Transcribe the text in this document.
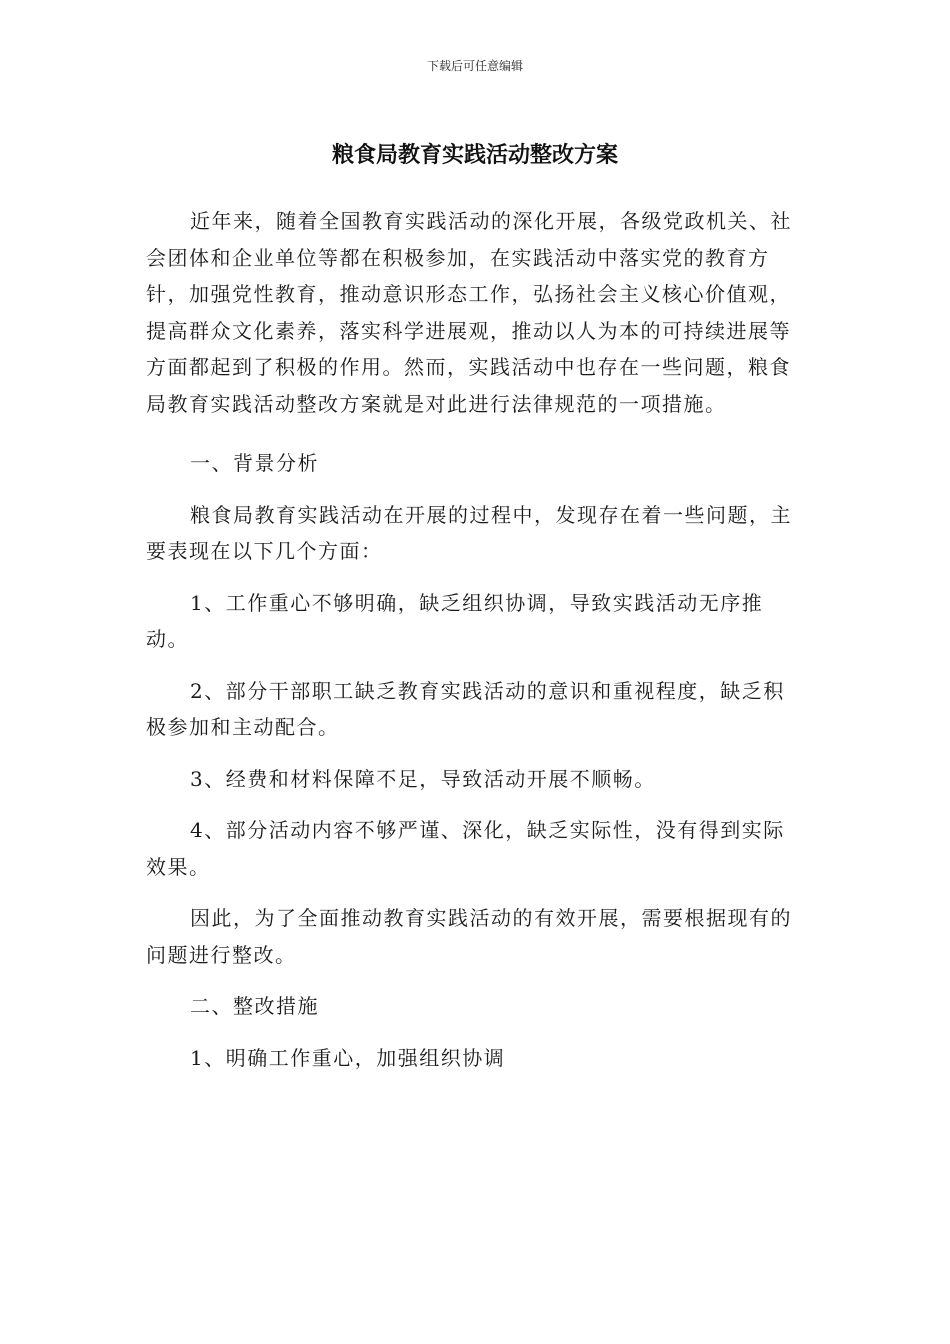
下载后可任意编辑
粮食局教育实践活动整改方案

近年来，随着全国教育实践活动的深化开展，各级党政机关、社会团体和企业单位等都在积极参加，在实践活动中落实党的教育方针，加强党性教育，推动意识形态工作，弘扬社会主义核心价值观，提高群众文化素养，落实科学进展观，推动以人为本的可持续进展等方面都起到了积极的作用。然而，实践活动中也存在一些问题，粮食局教育实践活动整改方案就是对此进行法律规范的一项措施。

一、背景分析

粮食局教育实践活动在开展的过程中，发现存在着一些问题，主要表现在以下几个方面：

1、工作重心不够明确，缺乏组织协调，导致实践活动无序推动。

2、部分干部职工缺乏教育实践活动的意识和重视程度，缺乏积极参加和主动配合。

3、经费和材料保障不足，导致活动开展不顺畅。

4、部分活动内容不够严谨、深化，缺乏实际性，没有得到实际效果。

因此，为了全面推动教育实践活动的有效开展，需要根据现有的问题进行整改。

二、整改措施

1、明确工作重心，加强组织协调
